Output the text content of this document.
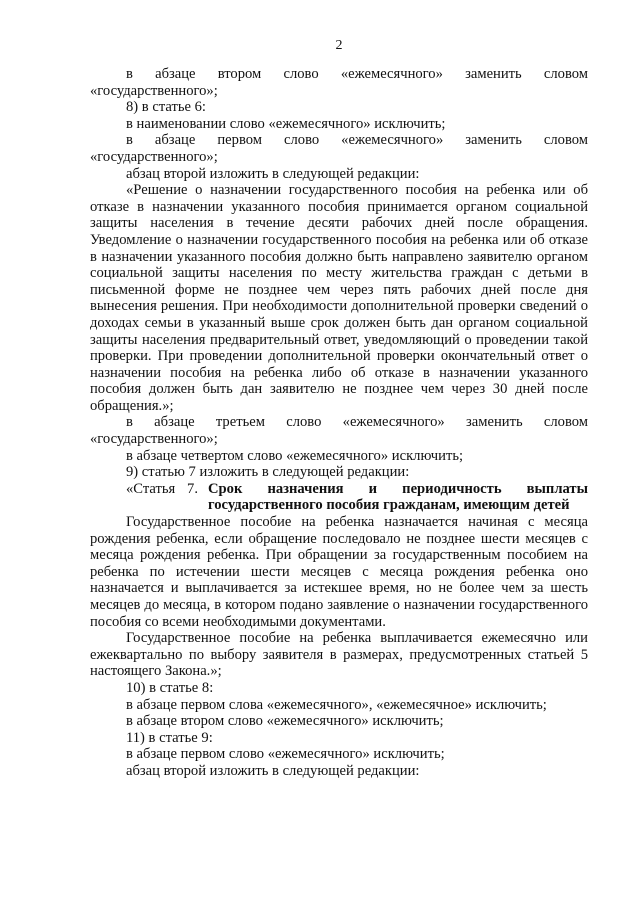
2

в абзаце втором слово «ежемесячного» заменить словом «государственного»;

8) в статье 6:

в наименовании слово «ежемесячного» исключить;

в абзаце первом слово «ежемесячного» заменить словом «государственного»;

абзац второй изложить в следующей редакции:

«Решение о назначении государственного пособия на ребенка или об отказе в назначении указанного пособия принимается органом социальной защиты населения в течение десяти рабочих дней после обращения. Уведомление о назначении государственного пособия на ребенка или об отказе в назначении указанного пособия должно быть направлено заявителю органом социальной защиты населения по месту жительства граждан с детьми в письменной форме не позднее чем через пять рабочих дней после дня вынесения решения. При необходимости дополнительной проверки сведений о доходах семьи в указанный выше срок должен быть дан органом социальной защиты населения предварительный ответ, уведомляющий о проведении такой проверки. При проведении дополнительной проверки окончательный ответ о назначении пособия на ребенка либо об отказе в назначении указанного пособия должен быть дан заявителю не позднее чем через 30 дней после обращения.»;

в абзаце третьем слово «ежемесячного» заменить словом «государственного»;

в абзаце четвертом слово «ежемесячного» исключить;

9) статью 7 изложить в следующей редакции:

«Статья 7. Срок назначения и периодичность выплаты государственного пособия гражданам, имеющим детей

Государственное пособие на ребенка назначается начиная с месяца рождения ребенка, если обращение последовало не позднее шести месяцев с месяца рождения ребенка. При обращении за государственным пособием на ребенка по истечении шести месяцев с месяца рождения ребенка оно назначается и выплачивается за истекшее время, но не более чем за шесть месяцев до месяца, в котором подано заявление о назначении государственного пособия со всеми необходимыми документами.

Государственное пособие на ребенка выплачивается ежемесячно или ежеквартально по выбору заявителя в размерах, предусмотренных статьей 5 настоящего Закона.»;

10) в статье 8:

в абзаце первом слова «ежемесячного», «ежемесячное» исключить;

в абзаце втором слово «ежемесячного» исключить;

11) в статье 9:

в абзаце первом слово «ежемесячного» исключить;

абзац второй изложить в следующей редакции:
